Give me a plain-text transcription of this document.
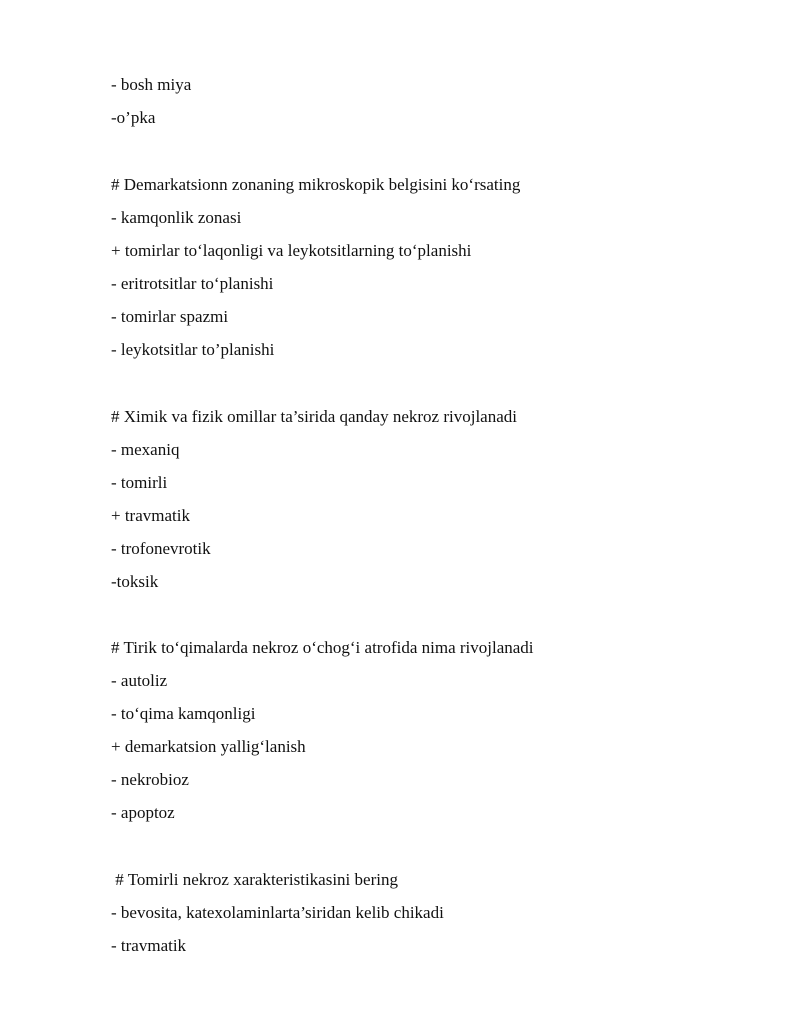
- bosh miya
-o’pka
# Demarkatsionn zonaning mikroskopik belgisini ko‘rsating
- kamqonlik zonasi
+ tomirlar to‘laqonligi va leykotsitlarning to‘planishi
- eritrotsitlar to‘planishi
- tomirlar spazmi
- leykotsitlar to’planishi
# Ximik va fizik omillar ta’sirida qanday nekroz rivojlanadi
- mexaniq
- tomirli
+ travmatik
- trofonevrotik
-toksik
# Tirik to‘qimalarda nekroz o‘chog‘i atrofida nima rivojlanadi
- autoliz
- to‘qima kamqonligi
+ demarkatsion yallig‘lanish
- nekrobioz
- apoptoz
# Tomirli nekroz xarakteristikasini bering
- bevosita, katexolaminlarta’siridan kelib chikadi
- travmatik
